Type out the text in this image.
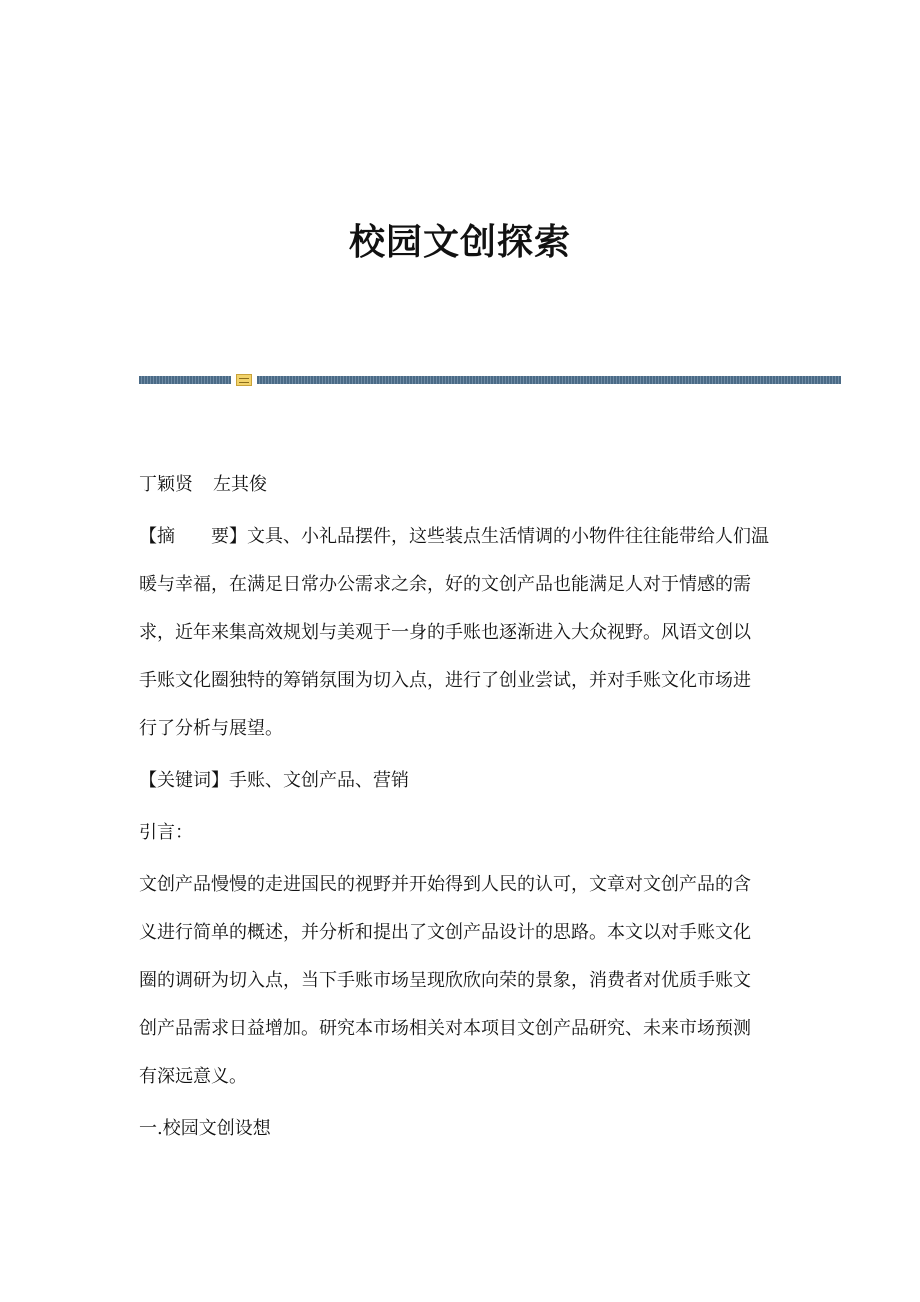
校园文创探索
丁颖贤 左其俊
【摘　　要】文具、小礼品摆件，这些装点生活情调的小物件往往能带给人们温
暖与幸福，在满足日常办公需求之余，好的文创产品也能满足人对于情感的需
求，近年来集高效规划与美观于一身的手账也逐渐进入大众视野。风语文创以
手账文化圈独特的筹销氛围为切入点，进行了创业尝试，并对手账文化市场进
行了分析与展望。
【关键词】手账、文创产品、营销
引言：
文创产品慢慢的走进国民的视野并开始得到人民的认可，文章对文创产品的含
义进行简单的概述，并分析和提出了文创产品设计的思路。本文以对手账文化
圈的调研为切入点，当下手账市场呈现欣欣向荣的景象，消费者对优质手账文
创产品需求日益增加。研究本市场相关对本项目文创产品研究、未来市场预测
有深远意义。
一.校园文创设想
